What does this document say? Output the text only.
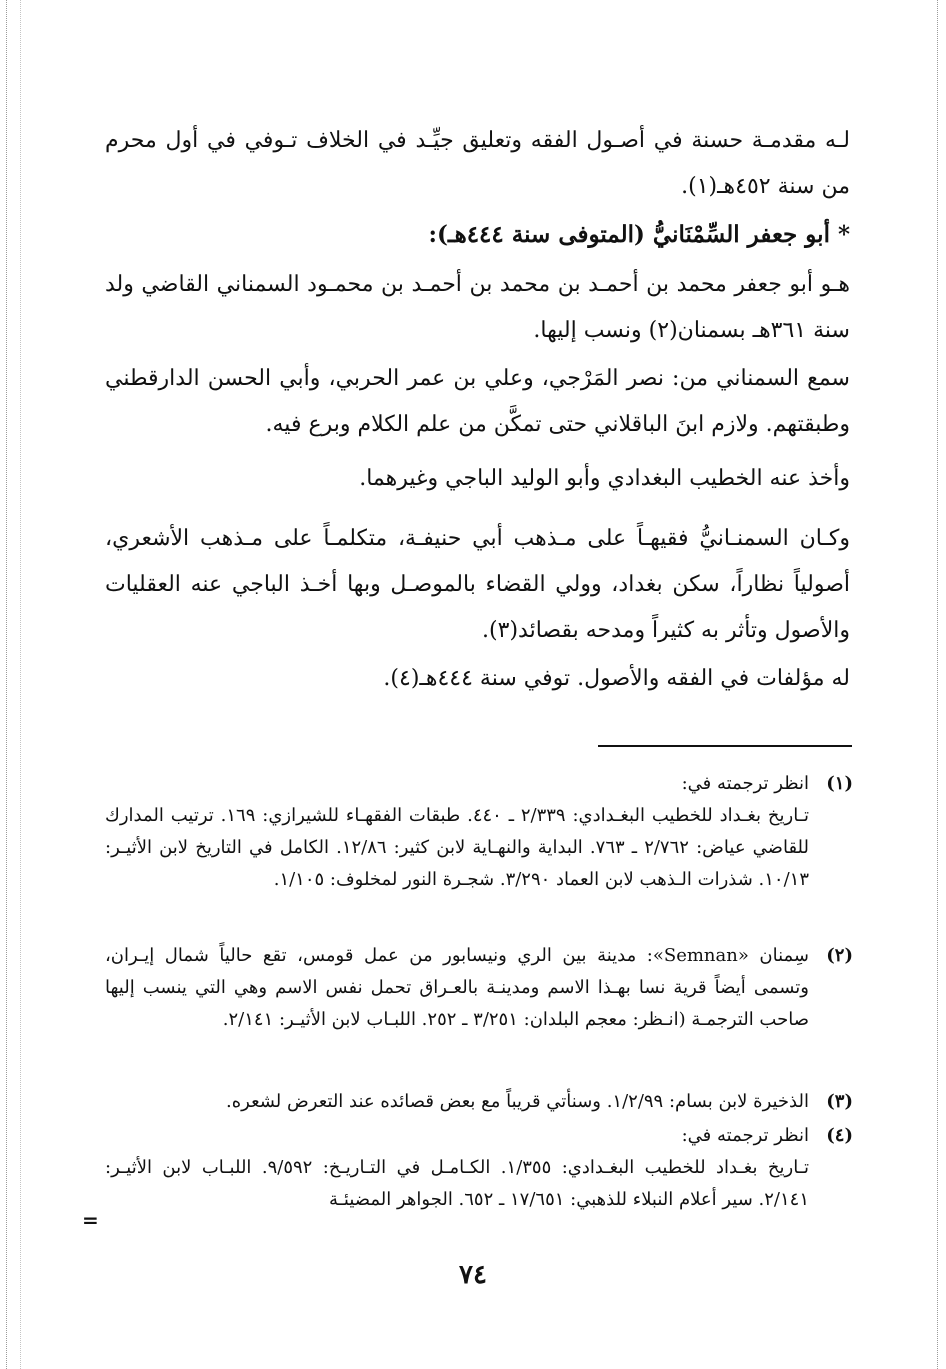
لـه مقدمـة حسنة في أصـول الفقه وتعليق جيِّـد في الخلاف تـوفي في أول محرم من سنة ٤٥٢هـ(١).
*أبو جعفر السِّمْنَانيُّ (المتوفى سنة ٤٤٤هـ):
هـو أبو جعفر محمد بن أحمـد بن محمد بن أحمـد بن محمـود السمناني القاضي ولد سنة ٣٦١هـ بسمنان(٢) ونسب إليها.
سمع السمناني من: نصر المَرْجي، وعلي بن عمر الحربي، وأبي الحسن الدارقطني وطبقتهم. ولازم ابنَ الباقلاني حتى تمكَّن من علم الكلام وبرع فيه.
وأخذ عنه الخطيب البغدادي وأبو الوليد الباجي وغيرهما.
وكـان السمنـانيُّ فقيهـاً على مـذهب أبي حنيفـة، متكلمـاً على مـذهب الأشعري، أصولياً نظاراً، سكن بغداد، وولي القضاء بالموصـل وبها أخـذ الباجي عنه العقليات والأصول وتأثر به كثيراً ومدحه بقصائد(٣).
له مؤلفات في الفقه والأصول. توفي سنة ٤٤٤هـ(٤).
(١)
انظر ترجمته في:
تـاريخ بغـداد للخطيب البغـدادي: ٢/٣٣٩ ـ ٤٤٠. طبقات الفقهـاء للشيرازي: ١٦٩. ترتيب المدارك للقاضي عياض: ٢/٧٦٢ ـ ٧٦٣. البداية والنهـاية لابن كثير: ١٢/٨٦. الكامل في التاريخ لابن الأثيـر: ١٠/١٣. شذرات الـذهب لابن العماد ٣/٢٩٠. شجـرة النور لمخلوف: ١/١٠٥.
(٢)
سِمنان «Semnan»: مدينة بين الري ونيسابور من عمل قومس، تقع حالياً شمال إيـران، وتسمى أيضاً قرية نسا بهـذا الاسم ومدينـة بالعـراق تحمل نفس الاسم وهي التي ينسب إليها صاحب الترجمـة (انـظر: معجم البلدان: ٣/٢٥١ ـ ٢٥٢. اللبـاب لابن الأثيـر: ٢/١٤١.
(٣)
الذخيرة لابن بسام: ١/٢/٩٩. وسنأتي قريباً مع بعض قصائده عند التعرض لشعره.
(٤)
انظر ترجمته في:
تـاريخ بغـداد للخطيب البغـدادي: ١/٣٥٥. الكـامـل في التـاريـخ: ٩/٥٩٢. اللبـاب لابن الأثيـر: ٢/١٤١. سير أعلام النبلاء للذهبي: ١٧/٦٥١ ـ ٦٥٢. الجواهر المضيئـة
=
٧٤
